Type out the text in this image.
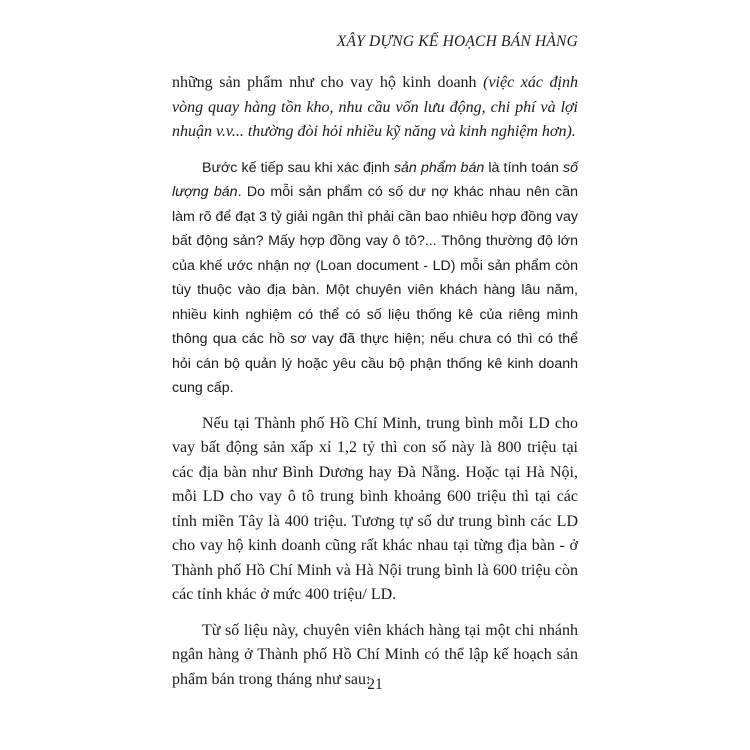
XÂY DỰNG KẾ HOẠCH BÁN HÀNG

những sản phẩm như cho vay hộ kinh doanh (việc xác định vòng quay hàng tồn kho, nhu cầu vốn lưu động, chi phí và lợi nhuận v.v... thường đòi hỏi nhiều kỹ năng và kinh nghiệm hơn).

Bước kế tiếp sau khi xác định sản phẩm bán là tính toán số lượng bán. Do mỗi sản phẩm có số dư nợ khác nhau nên cần làm rõ để đạt 3 tỷ giải ngân thì phải cần bao nhiêu hợp đồng vay bất động sản? Mấy hợp đồng vay ô tô?... Thông thường độ lớn của khế ước nhận nợ (Loan document - LD) mỗi sản phẩm còn tùy thuộc vào địa bàn. Một chuyên viên khách hàng lâu năm, nhiều kinh nghiệm có thể có số liệu thống kê của riêng mình thông qua các hồ sơ vay đã thực hiện; nếu chưa có thì có thể hỏi cán bộ quản lý hoặc yêu cầu bộ phận thống kê kinh doanh cung cấp.

Nếu tại Thành phố Hồ Chí Minh, trung bình mỗi LD cho vay bất động sản xấp xỉ 1,2 tỷ thì con số này là 800 triệu tại các địa bàn như Bình Dương hay Đà Nẵng. Hoặc tại Hà Nội, mỗi LD cho vay ô tô trung bình khoảng 600 triệu thì tại các tỉnh miền Tây là 400 triệu. Tương tự số dư trung bình các LD cho vay hộ kinh doanh cũng rất khác nhau tại từng địa bàn - ở Thành phố Hồ Chí Minh và Hà Nội trung bình là 600 triệu còn các tỉnh khác ở mức 400 triệu/ LD.

Từ số liệu này, chuyên viên khách hàng tại một chi nhánh ngân hàng ở Thành phố Hồ Chí Minh có thể lập kế hoạch sản phẩm bán trong tháng như sau:

21
